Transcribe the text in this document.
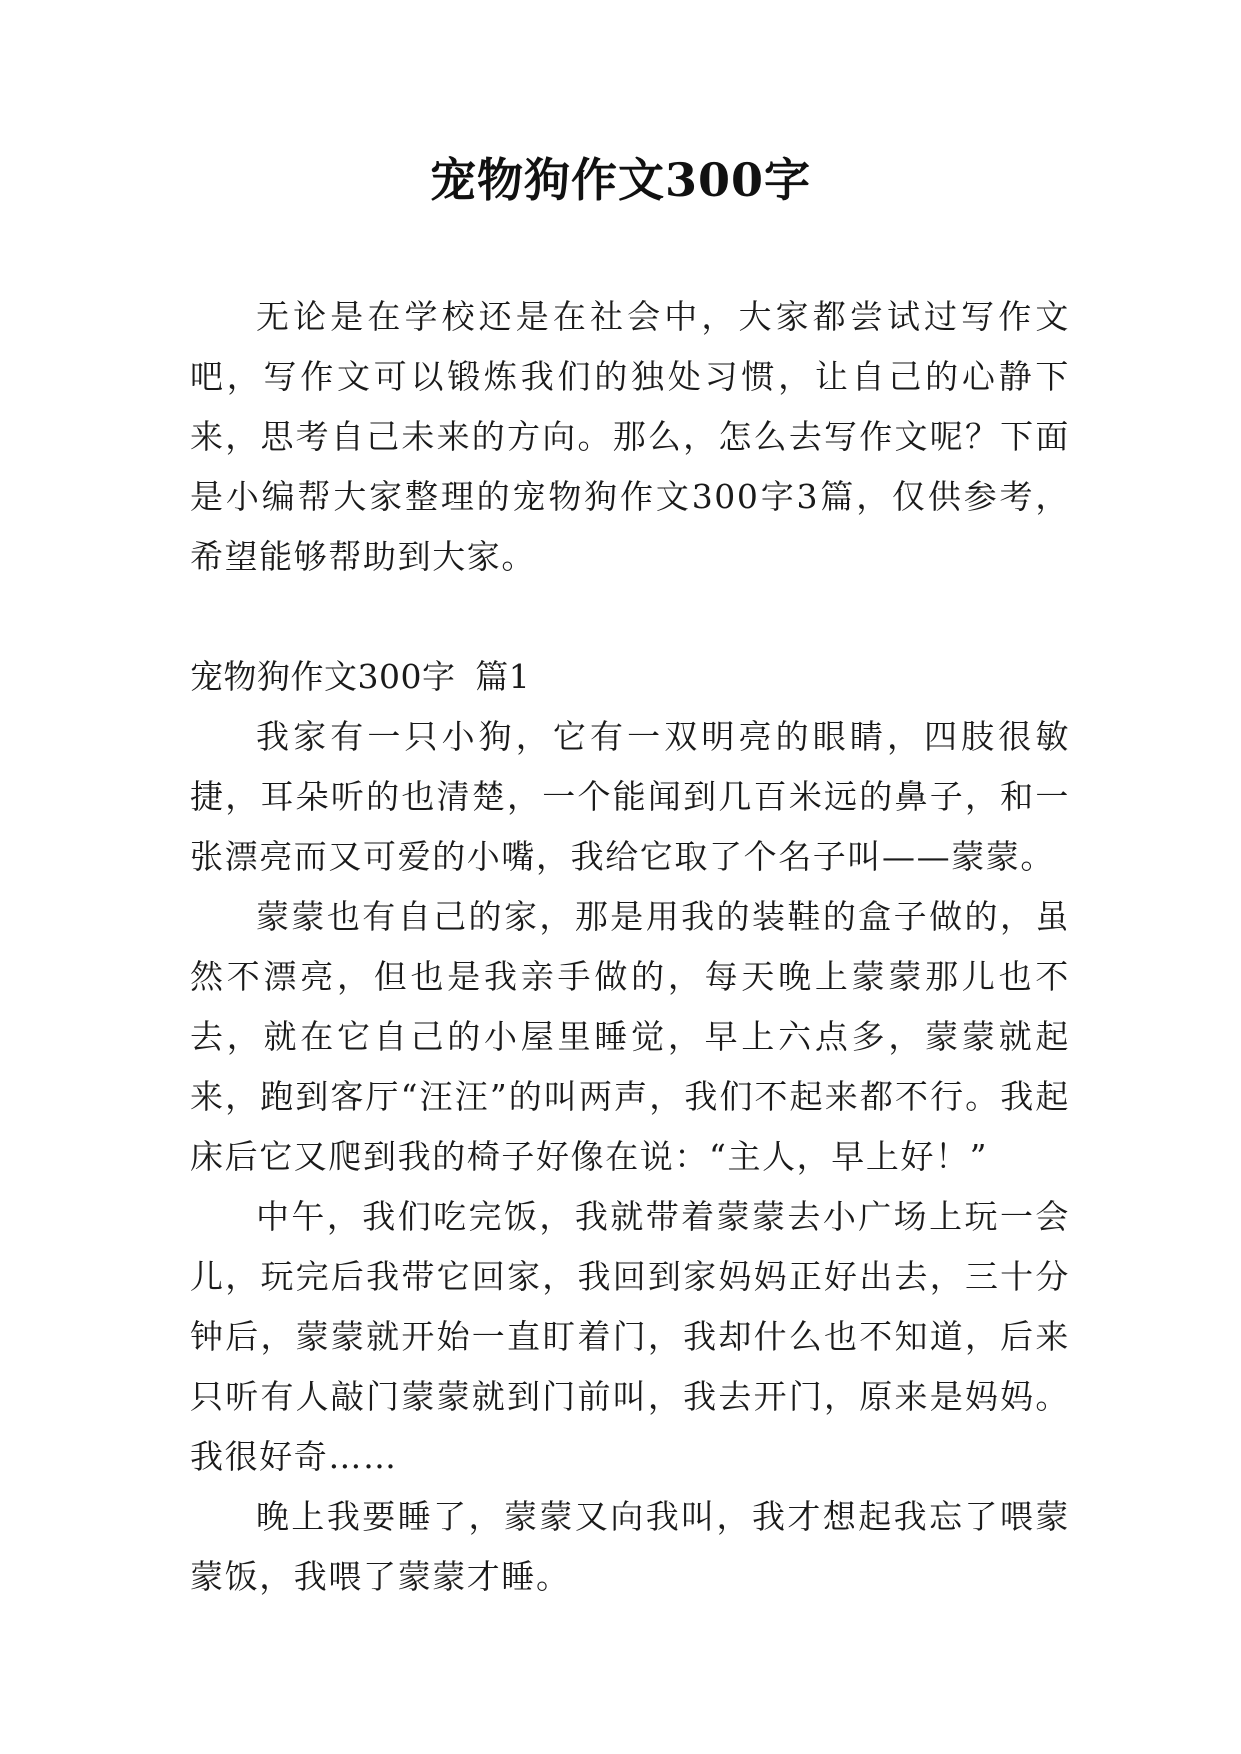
宠物狗作文300字

无论是在学校还是在社会中，大家都尝试过写作文吧，写作文可以锻炼我们的独处习惯，让自己的心静下来，思考自己未来的方向。那么，怎么去写作文呢？下面是小编帮大家整理的宠物狗作文300字3篇，仅供参考，希望能够帮助到大家。

宠物狗作文300字 篇1

我家有一只小狗，它有一双明亮的眼睛，四肢很敏捷，耳朵听的也清楚，一个能闻到几百米远的鼻子，和一张漂亮而又可爱的小嘴，我给它取了个名子叫——蒙蒙。

蒙蒙也有自己的家，那是用我的装鞋的盒子做的，虽然不漂亮，但也是我亲手做的，每天晚上蒙蒙那儿也不去，就在它自己的小屋里睡觉，早上六点多，蒙蒙就起来，跑到客厅“汪汪”的叫两声，我们不起来都不行。我起床后它又爬到我的椅子好像在说：“主人，早上好！”

中午，我们吃完饭，我就带着蒙蒙去小广场上玩一会儿，玩完后我带它回家，我回到家妈妈正好出去，三十分钟后，蒙蒙就开始一直盯着门，我却什么也不知道，后来只听有人敲门蒙蒙就到门前叫，我去开门，原来是妈妈。我很好奇……

晚上我要睡了，蒙蒙又向我叫，我才想起我忘了喂蒙蒙饭，我喂了蒙蒙才睡。
